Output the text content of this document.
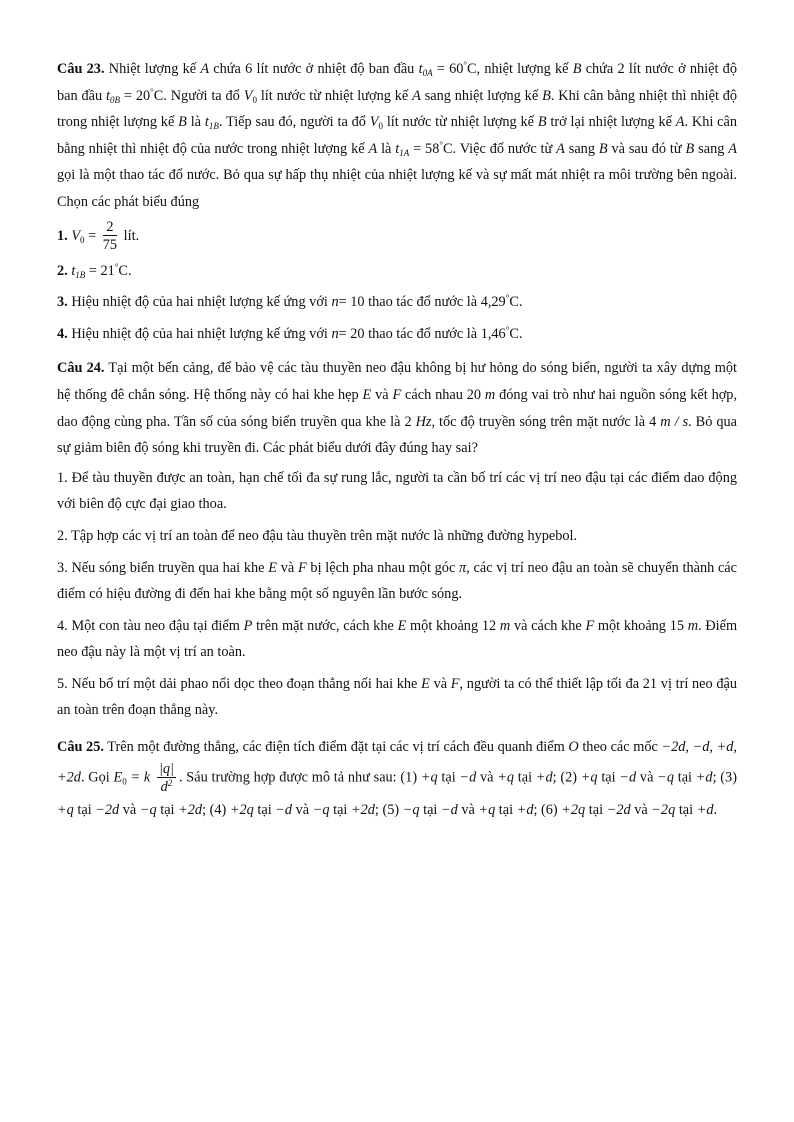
Câu 23. Nhiệt lượng kế A chứa 6 lít nước ở nhiệt độ ban đầu $t_{0A} = 60^\circ C$, nhiệt lượng kế B chứa 2 lít nước ở nhiệt độ ban đầu $t_{0B} = 20^\circ C$. Người ta đổ $V_0$ lít nước từ nhiệt lượng kế A sang nhiệt lượng kế B. Khi cân bằng nhiệt thì nhiệt độ trong nhiệt lượng kế B là $t_{1B}$. Tiếp sau đó, người ta đổ $V_0$ lít nước từ nhiệt lượng kế B trở lại nhiệt lượng kế A. Khi cân bằng nhiệt thì nhiệt độ của nước trong nhiệt lượng kế A là $t_{1A} = 58^\circ C$. Việc đổ nước từ A sang B và sau đó từ B sang A gọi là một thao tác đổ nước. Bỏ qua sự hấp thụ nhiệt của nhiệt lượng kế và sự mất mát nhiệt ra môi trường bên ngoài. Chọn các phát biểu đúng

1. $V_0 = \frac{2}{75}$ lít.

2. $t_{1B} = 21^\circ C$.

3. Hiệu nhiệt độ của hai nhiệt lượng kế ứng với n= 10 thao tác đổ nước là 4,29°C.

4. Hiệu nhiệt độ của hai nhiệt lượng kế ứng với n= 20 thao tác đổ nước là 1,46°C.

Câu 24. Tại một bến cảng, để bảo vệ các tàu thuyền neo đậu không bị hư hỏng do sóng biển, người ta xây dựng một hệ thống đê chắn sóng. Hệ thống này có hai khe hẹp E và F cách nhau 20 m đóng vai trò như hai nguồn sóng kết hợp, dao động cùng pha. Tần số của sóng biển truyền qua khe là 2 Hz, tốc độ truyền sóng trên mặt nước là 4 m / s. Bỏ qua sự giảm biên độ sóng khi truyền đi. Các phát biểu dưới đây đúng hay sai?

1. Để tàu thuyền được an toàn, hạn chế tối đa sự rung lắc, người ta cần bố trí các vị trí neo đậu tại các điểm dao động với biên độ cực đại giao thoa.

2. Tập hợp các vị trí an toàn để neo đậu tàu thuyền trên mặt nước là những đường hypebol.

3. Nếu sóng biển truyền qua hai khe E và F bị lệch pha nhau một góc π, các vị trí neo đậu an toàn sẽ chuyển thành các điểm có hiệu đường đi đến hai khe bằng một số nguyên lần bước sóng.

4. Một con tàu neo đậu tại điểm P trên mặt nước, cách khe E một khoảng 12 m và cách khe F một khoảng 15 m. Điểm neo đậu này là một vị trí an toàn.

5. Nếu bố trí một dải phao nổi dọc theo đoạn thẳng nối hai khe E và F, người ta có thể thiết lập tối đa 21 vị trí neo đậu an toàn trên đoạn thẳng này.

Câu 25. Trên một đường thẳng, các điện tích điểm đặt tại các vị trí cách đều quanh điểm O theo các mốc −2d, −d, +d, +2d. Gọi $E_0 = k \frac{|q|}{d^2}$ . Sáu trường hợp được mô tả như sau: (1) +q tại −d và +q tại +d; (2) +q tại −d và −q tại +d; (3) +q tại −2d và −q tại +2d; (4) +2q tại −d và −q tại +2d; (5) −q tại −d và +q tại +d; (6) +2q tại −2d và −2q tại +d.
